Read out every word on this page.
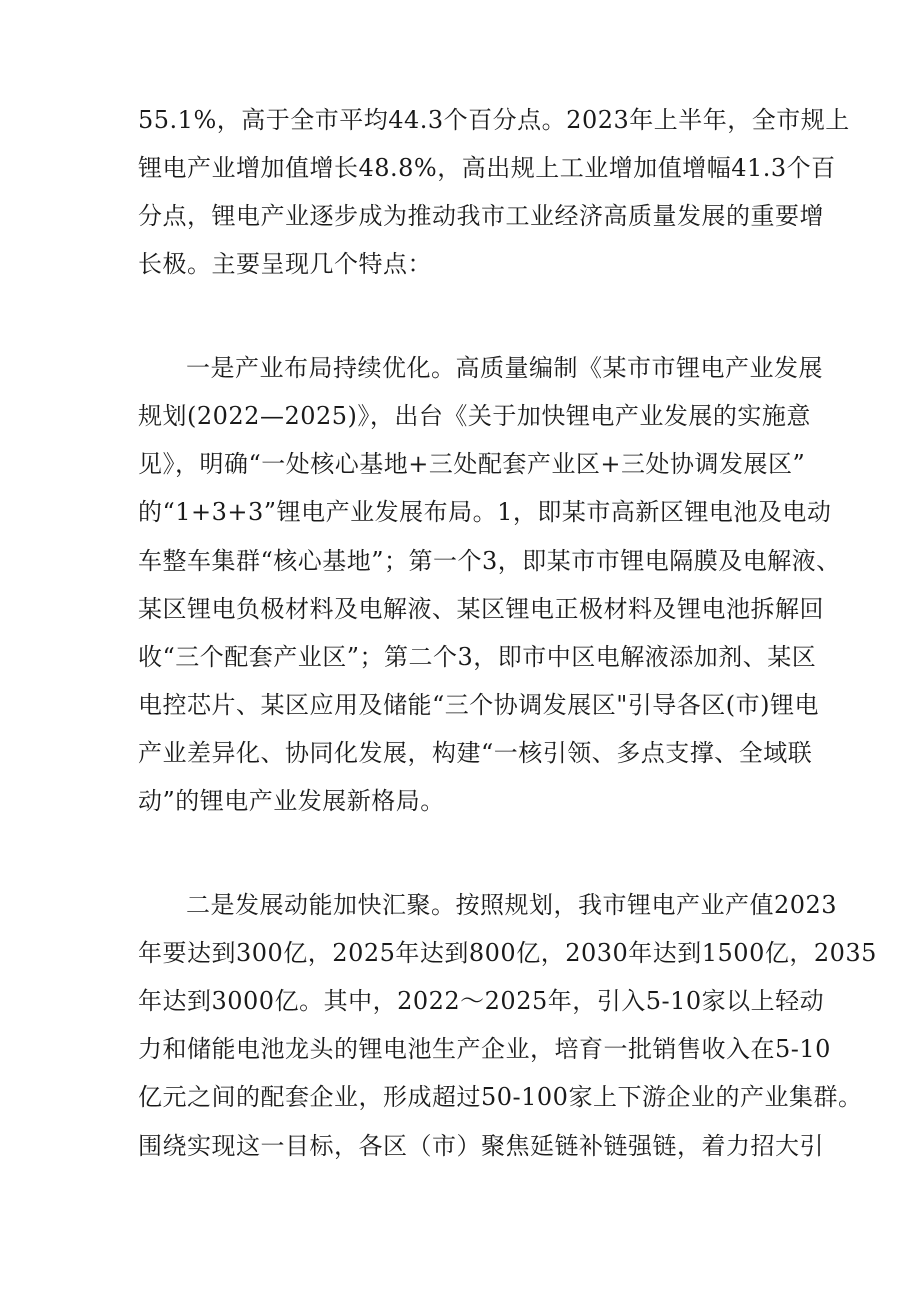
55.1%，高于全市平均44.3个百分点。2023年上半年，全市规上
锂电产业增加值增长48.8%，高出规上工业增加值增幅41.3个百
分点，锂电产业逐步成为推动我市工业经济高质量发展的重要增
长极。主要呈现几个特点：
一是产业布局持续优化。高质量编制《某市市锂电产业发展
规划(2022—2025)》，出台《关于加快锂电产业发展的实施意
见》，明确“一处核心基地+三处配套产业区+三处协调发展区”
的“1+3+3”锂电产业发展布局。1，即某市高新区锂电池及电动
车整车集群“核心基地”；第一个3，即某市市锂电隔膜及电解液、
某区锂电负极材料及电解液、某区锂电正极材料及锂电池拆解回
收“三个配套产业区”；第二个3，即市中区电解液添加剂、某区
电控芯片、某区应用及储能“三个协调发展区"引导各区(市)锂电
产业差异化、协同化发展，构建“一核引领、多点支撑、全域联
动”的锂电产业发展新格局。
二是发展动能加快汇聚。按照规划，我市锂电产业产值2023
年要达到300亿，2025年达到800亿，2030年达到1500亿，2035
年达到3000亿。其中，2022～2025年，引入5-10家以上轻动
力和储能电池龙头的锂电池生产企业，培育一批销售收入在5-10
亿元之间的配套企业，形成超过50-100家上下游企业的产业集群。
围绕实现这一目标，各区（市）聚焦延链补链强链，着力招大引
